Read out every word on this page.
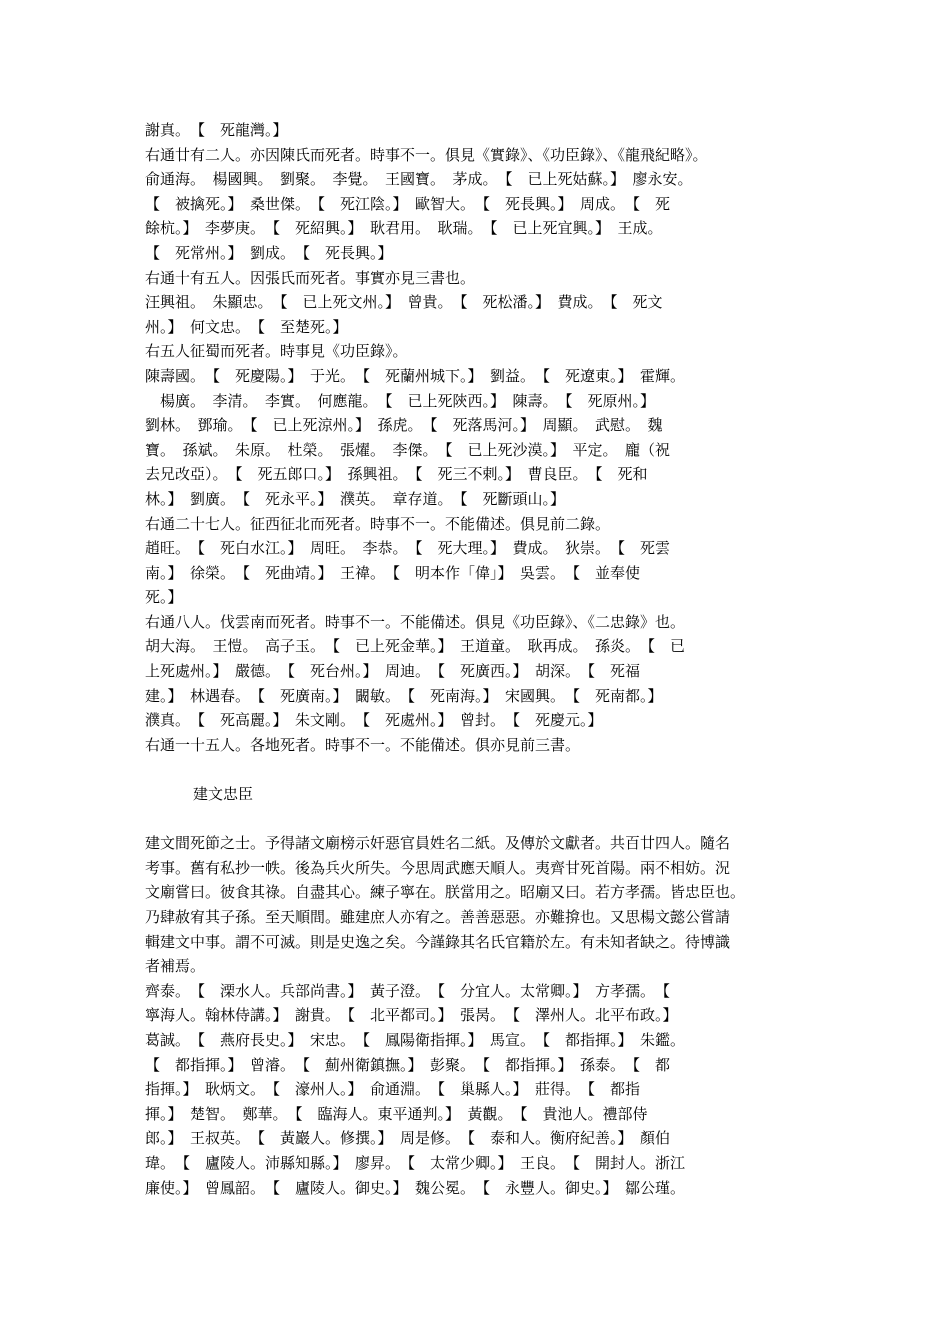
謝真。　【　死龍灣。】
右通廿有二人。亦因陳氏而死者。時事不一。俱見《實錄》、《功臣錄》、《龍飛紀略》。
俞通海。　楊國興。　劉聚。　李覺。　王國寶。　茅成。　【　已上死姑蘇。】　廖永安。
【　被擒死。】　桑世傑。　【　死江陰。】　歐智大。　【　死長興。】　周成。　【　死
餘杭。】　李夢庚。　【　死紹興。】　耿君用。　耿瑞。　【　已上死宜興。】　王成。
【　死常州。】　劉成。　【　死長興。】
右通十有五人。因張氏而死者。事實亦見三書也。
汪興祖。　朱顯忠。　【　已上死文州。】　曾貴。　【　死松潘。】　費成。　【　死文
州。】　何文忠。　【　至楚死。】
右五人征蜀而死者。時事見《功臣錄》。
陳壽國。　【　死慶陽。】　于光。　【　死蘭州城下。】　劉益。　【　死遼東。】　霍輝。
　楊廣。　李清。　李實。　何應龍。　【　已上死陝西。】　陳壽。　【　死原州。】
劉林。　鄧瑜。　【　已上死涼州。】　孫虎。　【　死落馬河。】　周顯。　武慰。　魏
寶。　孫斌。　朱原。　杜榮。　張燿。　李傑。　【　已上死沙漠。】　平定。　龐（祝
去兄改亞）。　【　死五郎口。】　孫興祖。　【　死三不剌。】　曹良臣。　【　死和
林。】　劉廣。　【　死永平。】　濮英。　章存道。　【　死斷頭山。】
右通二十七人。征西征北而死者。時事不一。不能備述。俱見前二錄。
趙旺。　【　死白水江。】　周旺。　李恭。　【　死大理。】　費成。　狄崇。　【　死雲
南。】　徐榮。　【　死曲靖。】　王禕。　【　明本作「偉」】　吳雲。　【　並奉使
死。】
右通八人。伐雲南而死者。時事不一。不能備述。俱見《功臣錄》、《二忠錄》也。
胡大海。　王愷。　高子玉。　【　已上死金華。】　王道童。　耿再成。　孫炎。　【　已
上死處州。】　嚴德。　【　死台州。】　周迪。　【　死廣西。】　胡深。　【　死福
建。】　林遇春。　【　死廣南。】　闞敏。　【　死南海。】　宋國興。　【　死南都。】
濮真。　【　死高麗。】　朱文剛。　【　死處州。】　曾封。　【　死慶元。】
右通一十五人。各地死者。時事不一。不能備述。俱亦見前三書。
建文忠臣
建文間死節之士。予得諸文廟榜示奸惡官員姓名二紙。及傳於文獻者。共百廿四人。隨名
考事。舊有私抄一帙。後為兵火所失。今思周武應天順人。夷齊甘死首陽。兩不相妨。況
文廟嘗曰。彼食其祿。自盡其心。練子寧在。朕當用之。昭廟又曰。若方孝孺。皆忠臣也。
乃肆赦宥其子孫。至天順間。雖建庶人亦宥之。善善惡惡。亦難揜也。又思楊文懿公嘗請
輯建文中事。謂不可滅。則是史逸之矣。今謹錄其名氏官籍於左。有未知者缺之。待博識
者補焉。
齊泰。　【　溧水人。兵部尚書。】　黃子澄。　【　分宜人。太常卿。】　方孝孺。　【
寧海人。翰林侍講。】　謝貴。　【　北平都司。】　張昺。　【　澤州人。北平布政。】
葛誠。　【　燕府長史。】　宋忠。　【　鳳陽衛指揮。】　馬宣。　【　都指揮。】　朱鑑。
【　都指揮。】　曾濬。　【　薊州衛鎮撫。】　彭聚。　【　都指揮。】　孫泰。　【　都
指揮。】　耿炳文。　【　濠州人。】　俞通淵。　【　巢縣人。】　莊得。　【　都指
揮。】　楚智。　鄭華。　【　臨海人。東平通判。】　黃觀。　【　貴池人。禮部侍
郎。】　王叔英。　【　黃巖人。修撰。】　周是修。　【　泰和人。衡府紀善。】　顏伯
瑋。　【　廬陵人。沛縣知縣。】　廖昇。　【　太常少卿。】　王良。　【　開封人。浙江
廉使。】　曾鳳韶。　【　廬陵人。御史。】　魏公冕。　【　永豐人。御史。】　鄒公瑾。
